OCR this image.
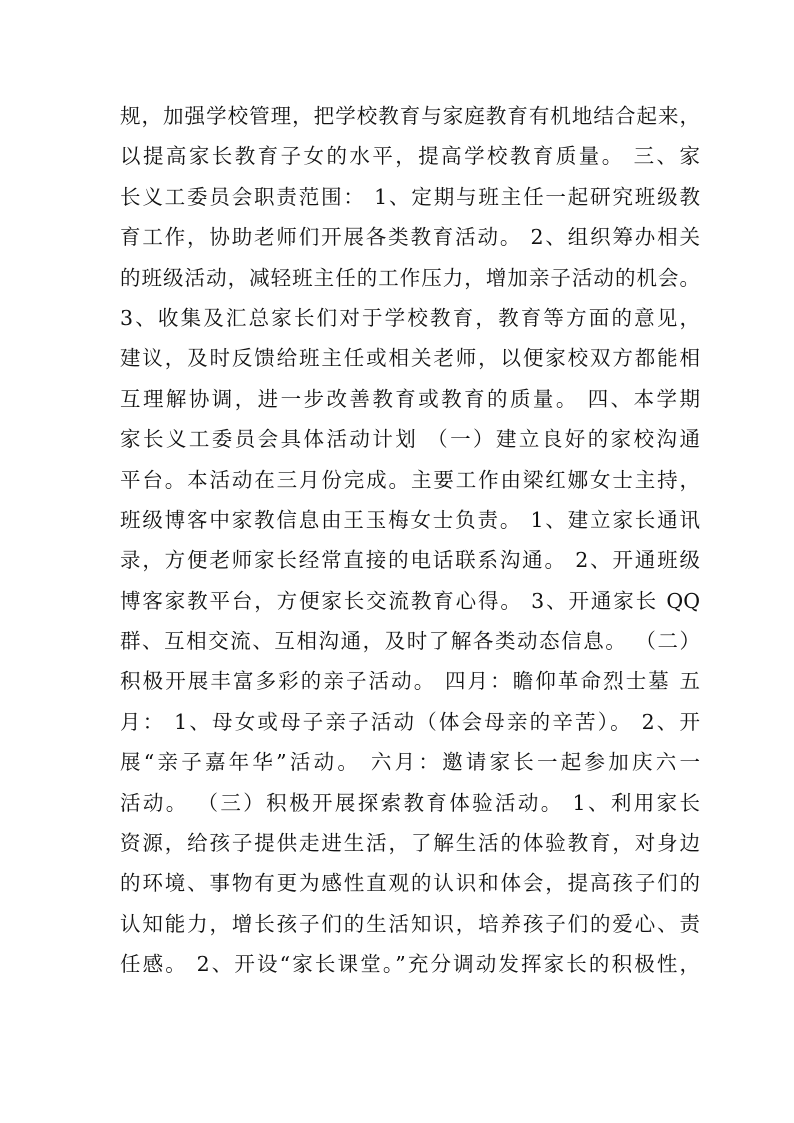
规，加强学校管理，把学校教育与家庭教育有机地结合起来，
以提高家长教育子女的水平，提高学校教育质量。 三、家
长义工委员会职责范围： 1、定期与班主任一起研究班级教
育工作，协助老师们开展各类教育活动。 2、组织筹办相关
的班级活动，减轻班主任的工作压力，增加亲子活动的机会。
3、收集及汇总家长们对于学校教育，教育等方面的意见，
建议，及时反馈给班主任或相关老师，以便家校双方都能相
互理解协调，进一步改善教育或教育的质量。 四、本学期
家长义工委员会具体活动计划 （一）建立良好的家校沟通
平台。本活动在三月份完成。主要工作由梁红娜女士主持，
班级博客中家教信息由王玉梅女士负责。 1、建立家长通讯
录，方便老师家长经常直接的电话联系沟通。 2、开通班级
博客家教平台，方便家长交流教育心得。 3、开通家长 QQ
群、互相交流、互相沟通，及时了解各类动态信息。 （二）
积极开展丰富多彩的亲子活动。 四月：瞻仰革命烈士墓 五
月： 1、母女或母子亲子活动（体会母亲的辛苦）。 2、开
展“亲子嘉年华”活动。 六月：邀请家长一起参加庆六一
活动。 （三）积极开展探索教育体验活动。 1、利用家长
资源，给孩子提供走进生活，了解生活的体验教育，对身边
的环境、事物有更为感性直观的认识和体会，提高孩子们的
认知能力，增长孩子们的生活知识，培养孩子们的爱心、责
任感。 2、开设“家长课堂。”充分调动发挥家长的积极性，
